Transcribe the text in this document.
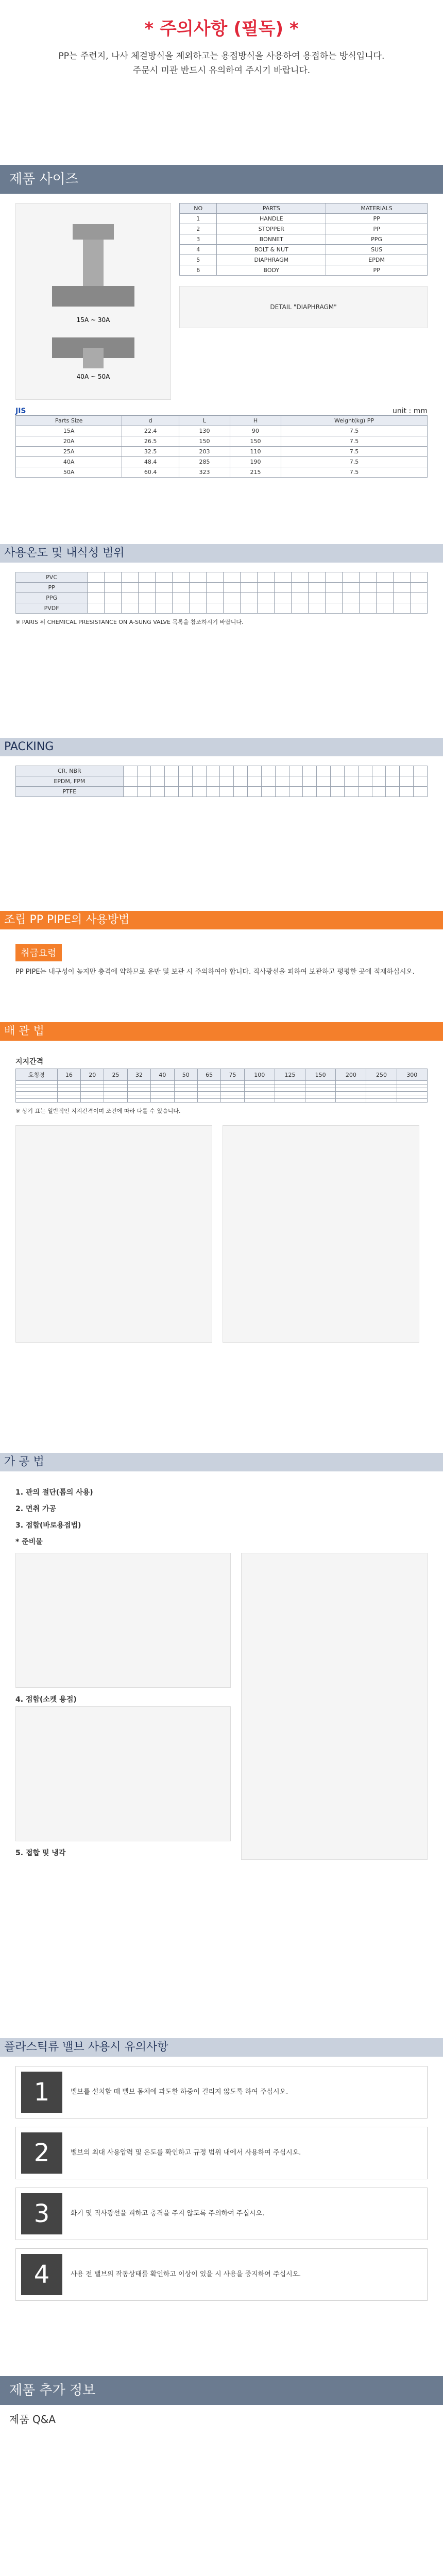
* 주의사항 (필독) *

PP는 주련지, 나사 체결방식을 제외하고는 용접방식을 사용하여 용접하는 방식입니다.
주문시 미관 반드시 유의하여 주시기 바랍니다.

제품 사이즈
15A ~ 30A
40A ~ 50A
NO	PARTS	MATERIALS
1	HANDLE	PP
2	STOPPER	PP
3	BONNET	PPG
4	BOLT & NUT	SUS
5	DIAPHRAGM	EPDM
6	BODY	PP
DETAIL "DIAPHRAGM"
JIS	unit : mm
Parts Size	d	L	H	Weight(kg) PP
15A	22.4	130	90	7.5
20A	26.5	150	150	7.5
25A	32.5	203	110	7.5
40A	48.4	285	190	7.5
50A	60.4	323	215	7.5
사용온도 및 내식성 범위
PVC																				
PP																				
PPG																				
PVDF																				
※ PARIS 위 CHEMICAL PRESISTANCE ON A-SUNG VALVE 목록을 참조하시기 바랍니다.
PACKING
CR, NBR																						
EPDM, FPM																						
PTFE																						
조립 PP PIPE의 사용방법
취급요령
PP PIPE는 내구성이 높지만 충격에 약하므로 운반 및 보관 시 주의하여야 합니다. 직사광선을 피하여 보관하고 평평한 곳에 적재하십시오.
배 관 법
지지간격
호칭경	16	20	25	32	40	50	65	75	100	125	150	200	250	300

※ 상기 표는 일반적인 지지간격이며 조건에 따라 다를 수 있습니다.
가 공 법
1. 관의 절단(톱의 사용)
2. 면취 가공
3. 접합(바로용접법)
* 준비물
4. 접합(소켓 용접)
5. 접합 및 냉각
플라스틱류 밸브 사용시 유의사항
1	밸브를 설치할 때 밸브 몸체에 과도한 하중이 걸리지 않도록 하여 주십시오.
2	밸브의 최대 사용압력 및 온도를 확인하고 규정 범위 내에서 사용하여 주십시오.
3	화기 및 직사광선을 피하고 충격을 주지 않도록 주의하여 주십시오.
4	사용 전 밸브의 작동상태를 확인하고 이상이 있을 시 사용을 중지하여 주십시오.
제품 추가 정보
제품 Q&A
